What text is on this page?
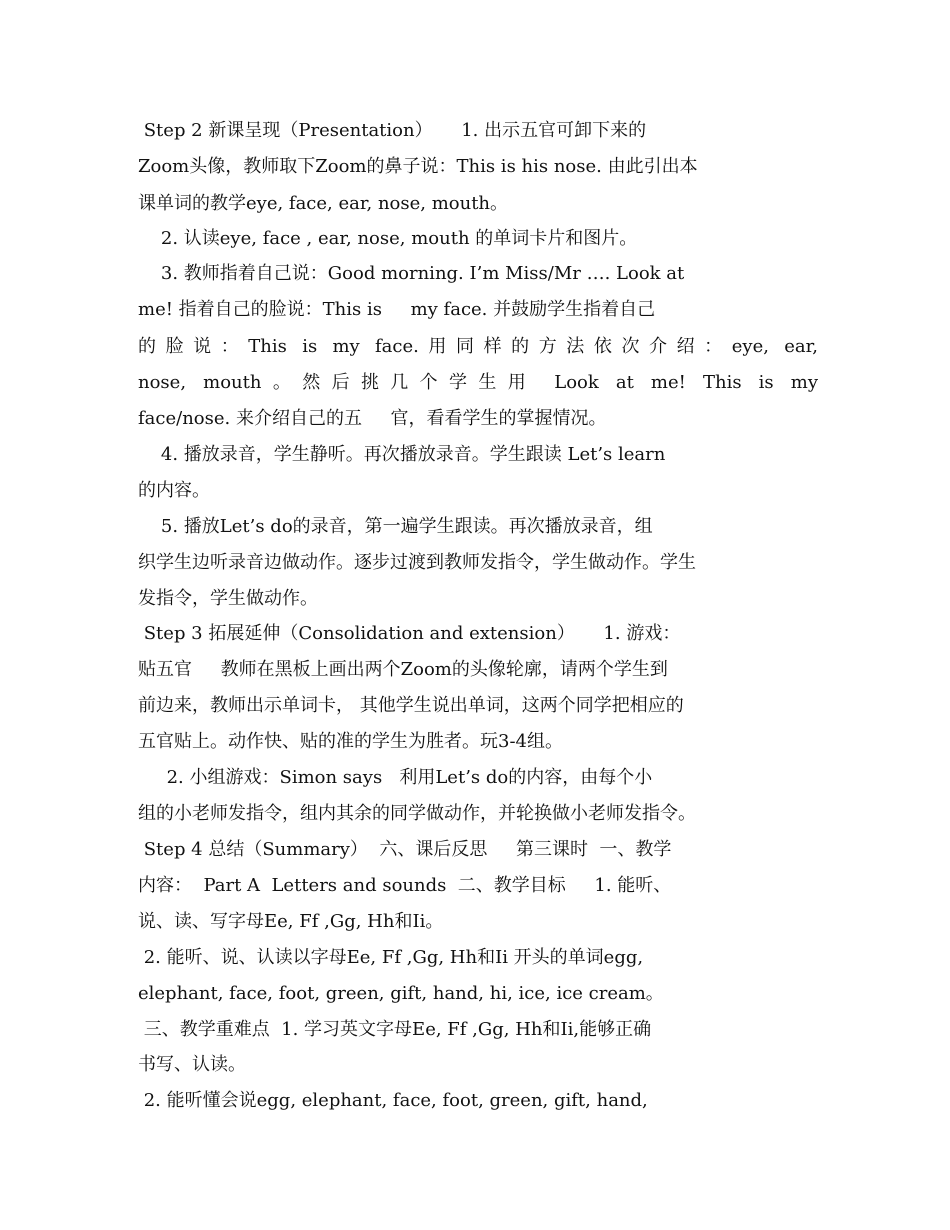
Step 2 新课呈现（Presentation）     1. 出示五官可卸下来的
Zoom头像，教师取下Zoom的鼻子说：This is his nose. 由此引出本
课单词的教学eye, face, ear, nose, mouth。
2. 认读eye, face , ear, nose, mouth 的单词卡片和图片。
3. 教师指着自己说：Good morning. I’m Miss/Mr …. Look at
me! 指着自己的脸说：This is     my face. 并鼓励学生指着自己
的脸说：This is my face.用同样的方法依次介绍：eye, ear,
nose, mouth。然后挑几个学生用 Look at me! This is my
face/nose. 来介绍自己的五     官，看看学生的掌握情况。
4. 播放录音，学生静听。再次播放录音。学生跟读 Let’s learn
的内容。
5. 播放Let’s do的录音，第一遍学生跟读。再次播放录音，组
织学生边听录音边做动作。逐步过渡到教师发指令，学生做动作。学生
发指令，学生做动作。
Step 3 拓展延伸（Consolidation and extension）     1. 游戏：
贴五官     教师在黑板上画出两个Zoom的头像轮廓，请两个学生到
前边来，教师出示单词卡， 其他学生说出单词，这两个同学把相应的
五官贴上。动作快、贴的准的学生为胜者。玩3-4组。
2. 小组游戏：Simon says   利用Let’s do的内容，由每个小
组的小老师发指令，组内其余的同学做动作，并轮换做小老师发指令。
Step 4 总结（Summary）  六、课后反思     第三课时  一、教学
内容：  Part A  Letters and sounds  二、教学目标     1. 能听、
说、读、写字母Ee, Ff ,Gg, Hh和Ii。
2. 能听、说、认读以字母Ee, Ff ,Gg, Hh和Ii 开头的单词egg,
elephant, face, foot, green, gift, hand, hi, ice, ice cream。
三、教学重难点  1. 学习英文字母Ee, Ff ,Gg, Hh和Ii,能够正确
书写、认读。
2. 能听懂会说egg, elephant, face, foot, green, gift, hand,
